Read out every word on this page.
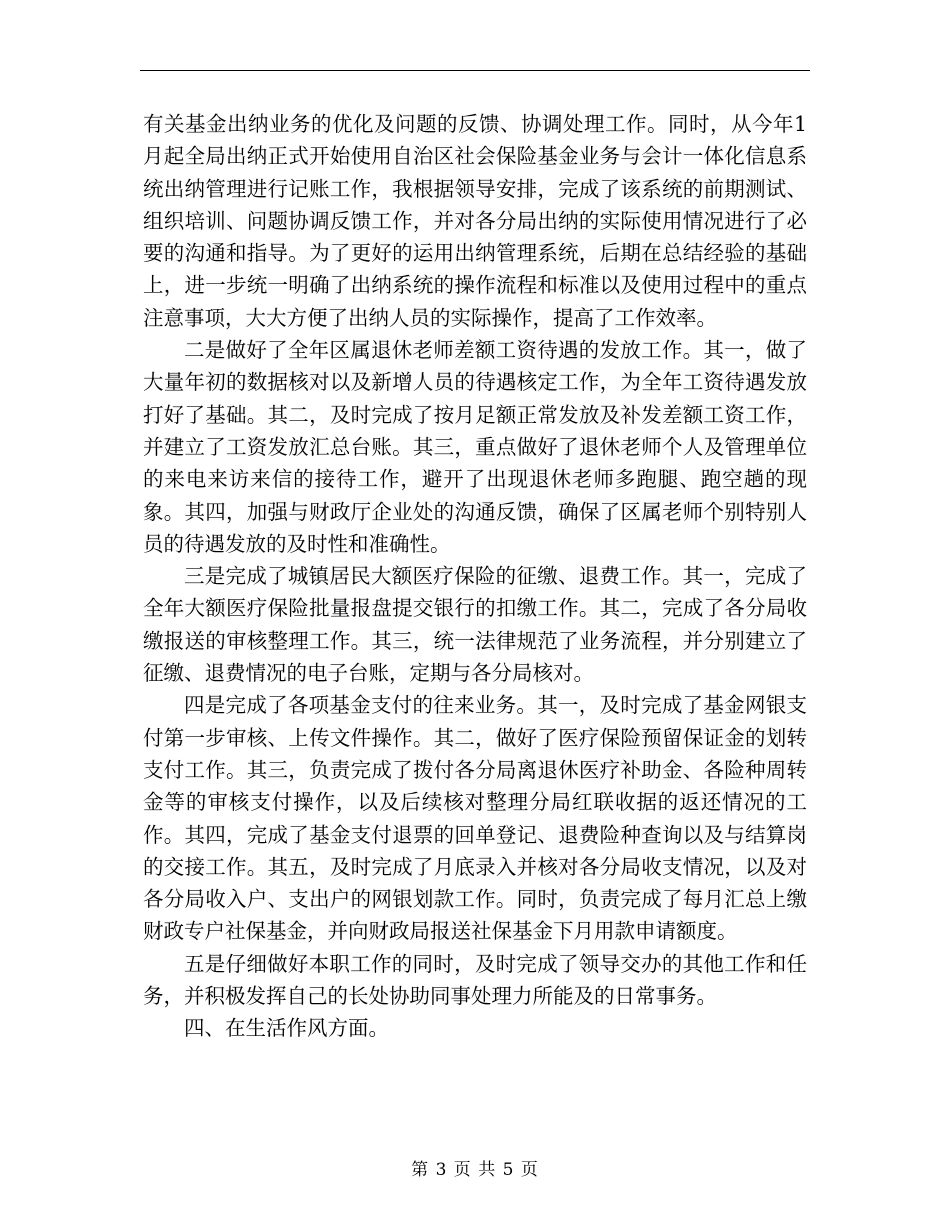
有关基金出纳业务的优化及问题的反馈、协调处理工作。同时，从今年1月起全局出纳正式开始使用自治区社会保险基金业务与会计一体化信息系统出纳管理进行记账工作，我根据领导安排，完成了该系统的前期测试、组织培训、问题协调反馈工作，并对各分局出纳的实际使用情况进行了必要的沟通和指导。为了更好的运用出纳管理系统，后期在总结经验的基础上，进一步统一明确了出纳系统的操作流程和标准以及使用过程中的重点注意事项，大大方便了出纳人员的实际操作，提高了工作效率。

二是做好了全年区属退休老师差额工资待遇的发放工作。其一，做了大量年初的数据核对以及新增人员的待遇核定工作，为全年工资待遇发放打好了基础。其二，及时完成了按月足额正常发放及补发差额工资工作，并建立了工资发放汇总台账。其三，重点做好了退休老师个人及管理单位的来电来访来信的接待工作，避开了出现退休老师多跑腿、跑空趟的现象。其四，加强与财政厅企业处的沟通反馈，确保了区属老师个别特别人员的待遇发放的及时性和准确性。

三是完成了城镇居民大额医疗保险的征缴、退费工作。其一，完成了全年大额医疗保险批量报盘提交银行的扣缴工作。其二，完成了各分局收缴报送的审核整理工作。其三，统一法律规范了业务流程，并分别建立了征缴、退费情况的电子台账，定期与各分局核对。

四是完成了各项基金支付的往来业务。其一，及时完成了基金网银支付第一步审核、上传文件操作。其二，做好了医疗保险预留保证金的划转支付工作。其三，负责完成了拨付各分局离退休医疗补助金、各险种周转金等的审核支付操作，以及后续核对整理分局红联收据的返还情况的工作。其四，完成了基金支付退票的回单登记、退费险种查询以及与结算岗的交接工作。其五，及时完成了月底录入并核对各分局收支情况，以及对各分局收入户、支出户的网银划款工作。同时，负责完成了每月汇总上缴财政专户社保基金，并向财政局报送社保基金下月用款申请额度。

五是仔细做好本职工作的同时，及时完成了领导交办的其他工作和任务，并积极发挥自己的长处协助同事处理力所能及的日常事务。

四、在生活作风方面。

第 3 页 共 5 页
